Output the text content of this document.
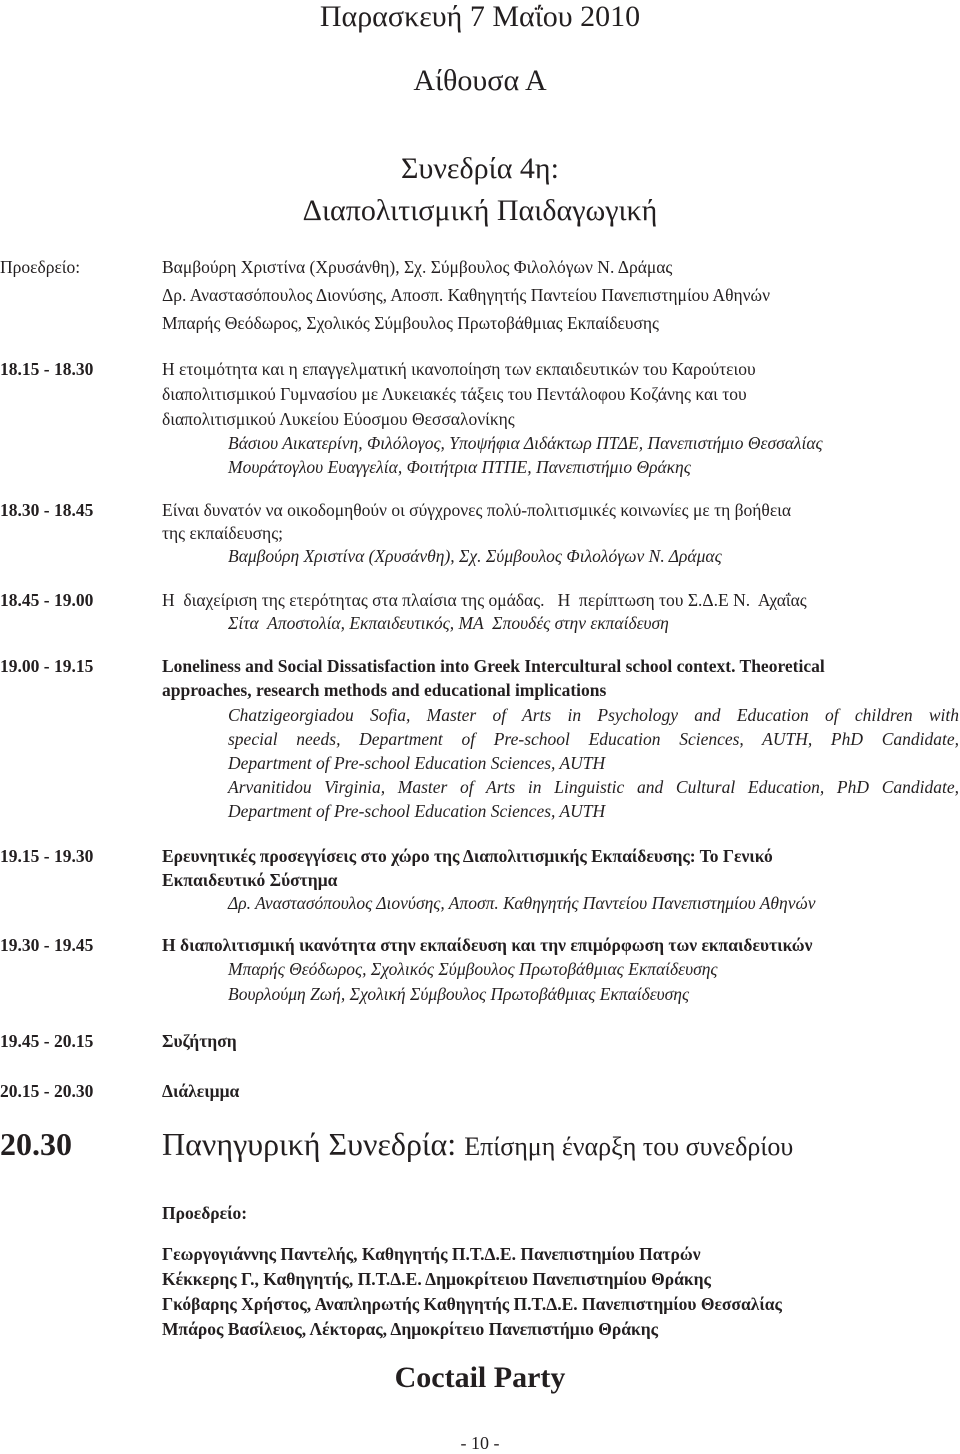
Παρασκευή 7 Μαΐου 2010
Αίθουσα Α
Συνεδρία 4η:
Διαπολιτισμική Παιδαγωγική
Προεδρείο:	Βαμβούρη Χριστίνα (Χρυσάνθη), Σχ. Σύμβουλος Φιλολόγων Ν. Δράμας
Δρ. Αναστασόπουλος Διονύσης, Αποσπ. Καθηγητής Παντείου Πανεπιστημίου Αθηνών
Μπαρής Θεόδωρος, Σχολικός Σύμβουλος Πρωτοβάθμιας Εκπαίδευσης
18.15 - 18.30	Η ετοιμότητα και η επαγγελματική ικανοποίηση των εκπαιδευτικών του Καρούτειου
διαπολιτισμικού Γυμνασίου με Λυκειακές τάξεις του Πεντάλοφου Κοζάνης και του
διαπολιτισμικού Λυκείου Εύοσμου Θεσσαλονίκης
Βάσιου Αικατερίνη, Φιλόλογος, Υποψήφια Διδάκτωρ ΠΤΔΕ, Πανεπιστήμιο Θεσσαλίας
Μουράτογλου Ευαγγελία, Φοιτήτρια ΠΤΠΕ, Πανεπιστήμιο Θράκης
18.30 - 18.45	Είναι δυνατόν να οικοδομηθούν οι σύγχρονες πολύ-πολιτισμικές κοινωνίες με τη βοήθεια
της εκπαίδευσης;
Βαμβούρη Χριστίνα (Χρυσάνθη), Σχ. Σύμβουλος Φιλολόγων Ν. Δράμας
18.45 - 19.00	Η  διαχείριση της ετερότητας στα πλαίσια της ομάδας.   Η  περίπτωση του Σ.Δ.Ε Ν.  Αχαΐας
Σίτα  Αποστολία, Εκπαιδευτικός, MA  Σπουδές στην εκπαίδευση
19.00 - 19.15	Loneliness and Social Dissatisfaction into Greek Intercultural school context. Theoretical
approaches, research methods and educational implications
Chatzigeorgiadou Sofia, Master of Arts in Psychology and Education of children with
special needs, Department of Pre-school Education Sciences, AUTH, PhD Candidate,
Department of Pre-school Education Sciences, AUTH
Arvanitidou Virginia, Master of Arts in Linguistic and Cultural Education, PhD Candidate,
Department of Pre-school Education Sciences, AUTH
19.15 - 19.30	Ερευνητικές προσεγγίσεις στο χώρο της Διαπολιτισμικής Εκπαίδευσης: Το Γενικό
Εκπαιδευτικό Σύστημα
Δρ. Αναστασόπουλος Διονύσης, Αποσπ. Καθηγητής Παντείου Πανεπιστημίου Αθηνών
19.30 - 19.45	Η διαπολιτισμική ικανότητα στην εκπαίδευση και την επιμόρφωση των εκπαιδευτικών
Μπαρής Θεόδωρος, Σχολικός Σύμβουλος Πρωτοβάθμιας Εκπαίδευσης
Βουρλούμη Ζωή, Σχολική Σύμβουλος Πρωτοβάθμιας Εκπαίδευσης
19.45 - 20.15	Συζήτηση
20.15 - 20.30	Διάλειμμα
20.30	Πανηγυρική Συνεδρία: Επίσημη έναρξη του συνεδρίου
Προεδρείο:
Γεωργογιάννης Παντελής, Καθηγητής Π.Τ.Δ.Ε. Πανεπιστημίου Πατρών
Κέκκερης Γ., Καθηγητής, Π.Τ.Δ.Ε. Δημοκρίτειου Πανεπιστημίου Θράκης
Γκόβαρης Χρήστος, Αναπληρωτής Καθηγητής Π.Τ.Δ.Ε. Πανεπιστημίου Θεσσαλίας
Μπάρος Βασίλειος, Λέκτορας, Δημοκρίτειο Πανεπιστήμιο Θράκης
Coctail Party
- 10 -
